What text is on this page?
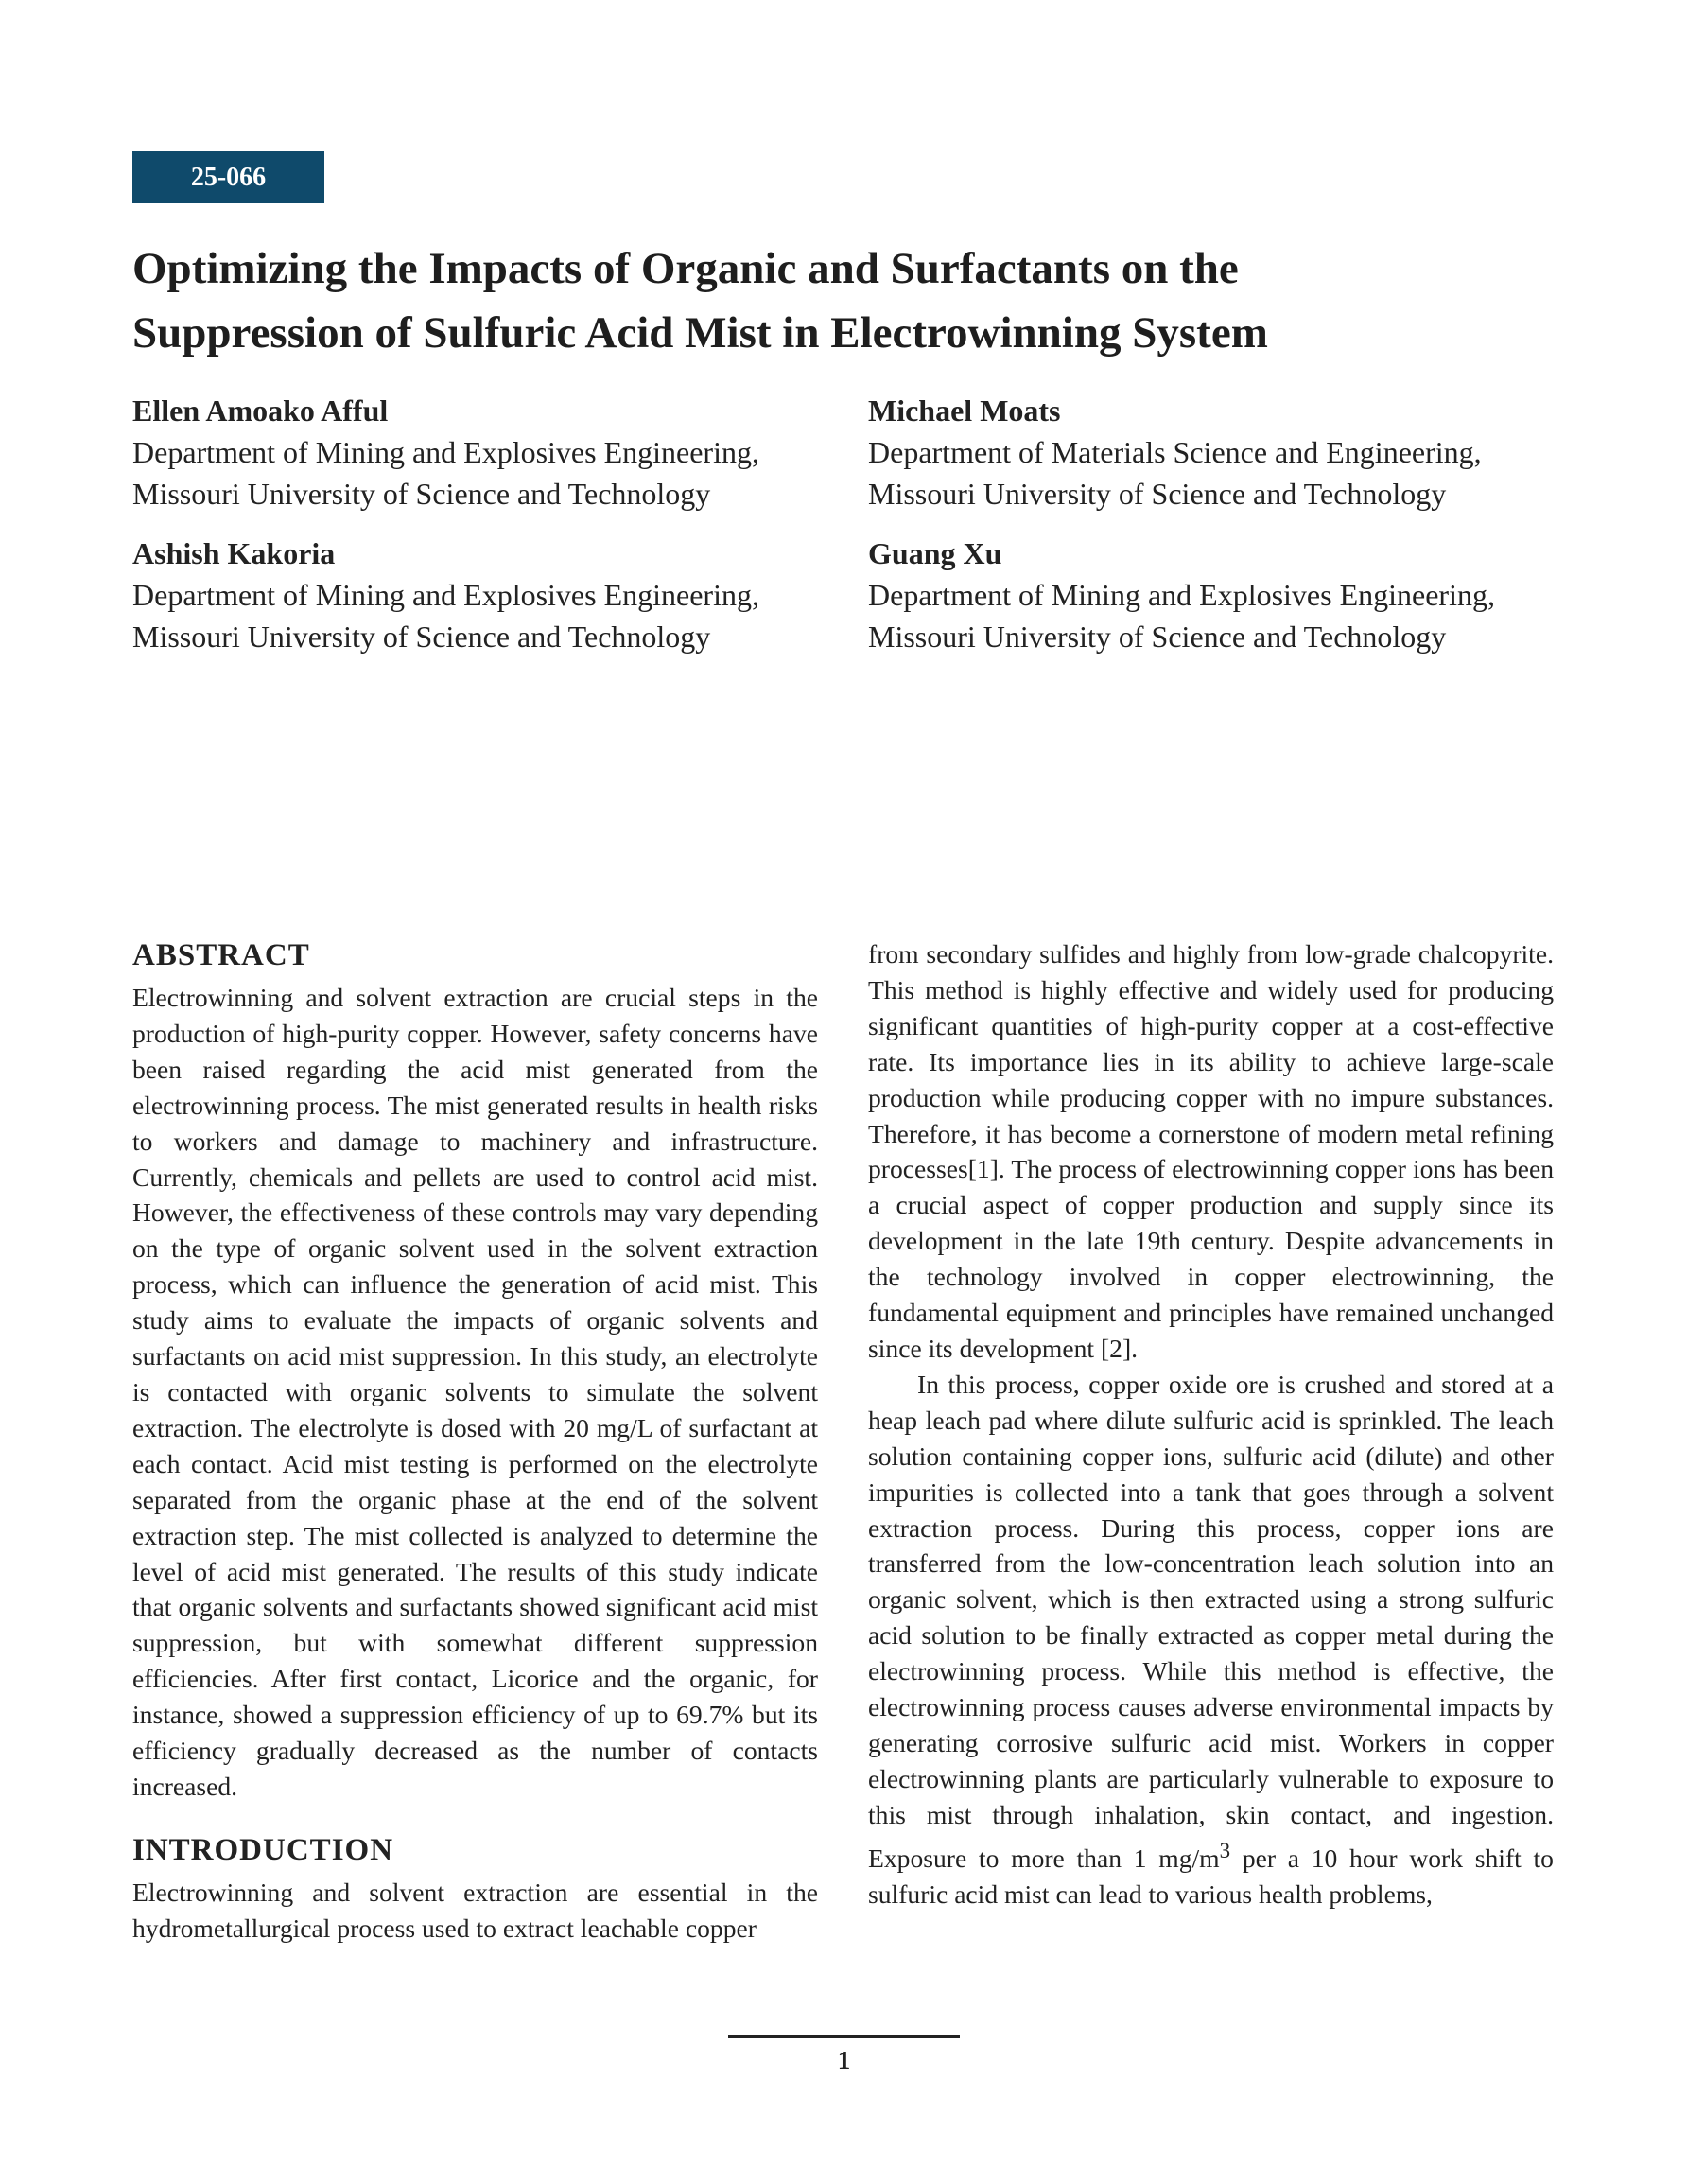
25-066
Optimizing the Impacts of Organic and Surfactants on the
Suppression of Sulfuric Acid Mist in Electrowinning System
Ellen Amoako Afful
Department of Mining and Explosives Engineering,
Missouri University of Science and Technology
Michael Moats
Department of Materials Science and Engineering,
Missouri University of Science and Technology
Ashish Kakoria
Department of Mining and Explosives Engineering,
Missouri University of Science and Technology
Guang Xu
Department of Mining and Explosives Engineering,
Missouri University of Science and Technology
ABSTRACT

Electrowinning and solvent extraction are crucial steps in the production of high-purity copper. However, safety concerns have been raised regarding the acid mist generated from the electrowinning process. The mist generated results in health risks to workers and damage to machinery and infrastructure. Currently, chemicals and pellets are used to control acid mist. However, the effectiveness of these controls may vary depending on the type of organic solvent used in the solvent extraction process, which can influence the generation of acid mist. This study aims to evaluate the impacts of organic solvents and surfactants on acid mist suppression. In this study, an electrolyte is contacted with organic solvents to simulate the solvent extraction. The electrolyte is dosed with 20 mg/L of surfactant at each contact. Acid mist testing is performed on the electrolyte separated from the organic phase at the end of the solvent extraction step. The mist collected is analyzed to determine the level of acid mist generated. The results of this study indicate that organic solvents and surfactants showed significant acid mist suppression, but with somewhat different suppression efficiencies. After first contact, Licorice and the organic, for instance, showed a suppression efficiency of up to 69.7% but its efficiency gradually decreased as the number of contacts increased.

INTRODUCTION

Electrowinning and solvent extraction are essential in the hydrometallurgical process used to extract leachable copper

from secondary sulfides and highly from low-grade chalcopyrite. This method is highly effective and widely used for producing significant quantities of high-purity copper at a cost-effective rate. Its importance lies in its ability to achieve large-scale production while producing copper with no impure substances. Therefore, it has become a cornerstone of modern metal refining processes[1]. The process of electrowinning copper ions has been a crucial aspect of copper production and supply since its development in the late 19th century. Despite advancements in the technology involved in copper electrowinning, the fundamental equipment and principles have remained unchanged since its development [2].

In this process, copper oxide ore is crushed and stored at a heap leach pad where dilute sulfuric acid is sprinkled. The leach solution containing copper ions, sulfuric acid (dilute) and other impurities is collected into a tank that goes through a solvent extraction process. During this process, copper ions are transferred from the low-concentration leach solution into an organic solvent, which is then extracted using a strong sulfuric acid solution to be finally extracted as copper metal during the electrowinning process. While this method is effective, the electrowinning process causes adverse environmental impacts by generating corrosive sulfuric acid mist. Workers in copper electrowinning plants are particularly vulnerable to exposure to this mist through inhalation, skin contact, and ingestion. Exposure to more than 1 $mg/m^3$ per a 10 hour work shift to sulfuric acid mist can lead to various health problems,

1
